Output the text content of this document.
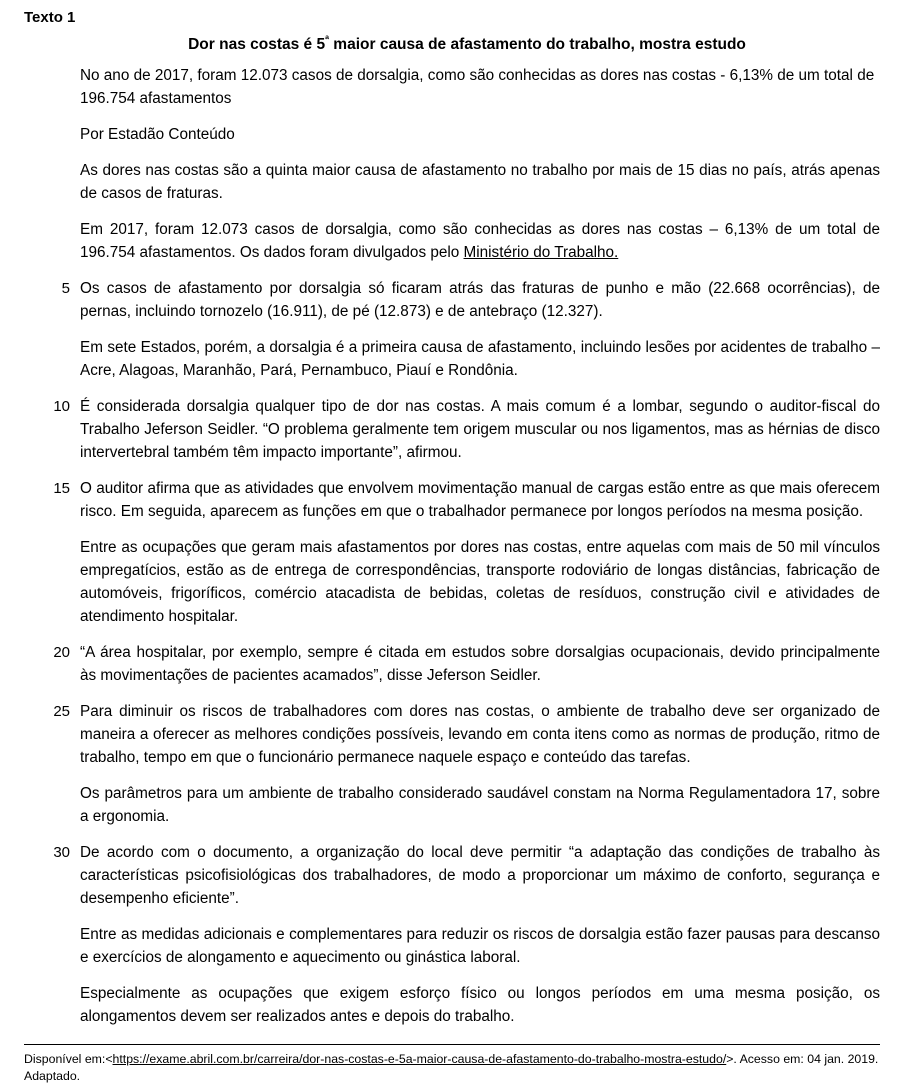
Texto 1
Dor nas costas é $5^ª$ maior causa de afastamento do trabalho, mostra estudo

No ano de 2017, foram 12.073 casos de dorsalgia, como são conhecidas as dores nas costas - 6,13% de um total de 196.754 afastamentos

Por Estadão Conteúdo

As dores nas costas são a quinta maior causa de afastamento no trabalho por mais de 15 dias no país, atrás apenas de casos de fraturas.

Em 2017, foram 12.073 casos de dorsalgia, como são conhecidas as dores nas costas – 6,13% de um total de 196.754 afastamentos. Os dados foram divulgados pelo Ministério do Trabalho.

5 Os casos de afastamento por dorsalgia só ficaram atrás das fraturas de punho e mão (22.668 ocorrências), de pernas, incluindo tornozelo (16.911), de pé (12.873) e de antebraço (12.327).

Em sete Estados, porém, a dorsalgia é a primeira causa de afastamento, incluindo lesões por acidentes de trabalho – Acre, Alagoas, Maranhão, Pará, Pernambuco, Piauí e Rondônia.

10 É considerada dorsalgia qualquer tipo de dor nas costas. A mais comum é a lombar, segundo o auditor-fiscal do Trabalho Jeferson Seidler. “O problema geralmente tem origem muscular ou nos ligamentos, mas as hérnias de disco intervertebral também têm impacto importante”, afirmou.

15 O auditor afirma que as atividades que envolvem movimentação manual de cargas estão entre as que mais oferecem risco. Em seguida, aparecem as funções em que o trabalhador permanece por longos períodos na mesma posição.

Entre as ocupações que geram mais afastamentos por dores nas costas, entre aquelas com mais de 50 mil vínculos empregatícios, estão as de entrega de correspondências, transporte rodoviário de longas distâncias, fabricação de automóveis, frigoríficos, comércio atacadista de bebidas, coletas de resíduos, construção civil e atividades de atendimento hospitalar.

20 “A área hospitalar, por exemplo, sempre é citada em estudos sobre dorsalgias ocupacionais, devido principalmente às movimentações de pacientes acamados”, disse Jeferson Seidler.

25 Para diminuir os riscos de trabalhadores com dores nas costas, o ambiente de trabalho deve ser organizado de maneira a oferecer as melhores condições possíveis, levando em conta itens como as normas de produção, ritmo de trabalho, tempo em que o funcionário permanece naquele espaço e conteúdo das tarefas.

Os parâmetros para um ambiente de trabalho considerado saudável constam na Norma Regulamentadora 17, sobre a ergonomia.

30 De acordo com o documento, a organização do local deve permitir “a adaptação das condições de trabalho às características psicofisiológicas dos trabalhadores, de modo a proporcionar um máximo de conforto, segurança e desempenho eficiente”.

Entre as medidas adicionais e complementares para reduzir os riscos de dorsalgia estão fazer pausas para descanso e exercícios de alongamento e aquecimento ou ginástica laboral.

Especialmente as ocupações que exigem esforço físico ou longos períodos em uma mesma posição, os alongamentos devem ser realizados antes e depois do trabalho.

Disponível em:<https://exame.abril.com.br/carreira/dor-nas-costas-e-5a-maior-causa-de-afastamento-do-trabalho-mostra-estudo/>. Acesso em: 04 jan. 2019. Adaptado.
